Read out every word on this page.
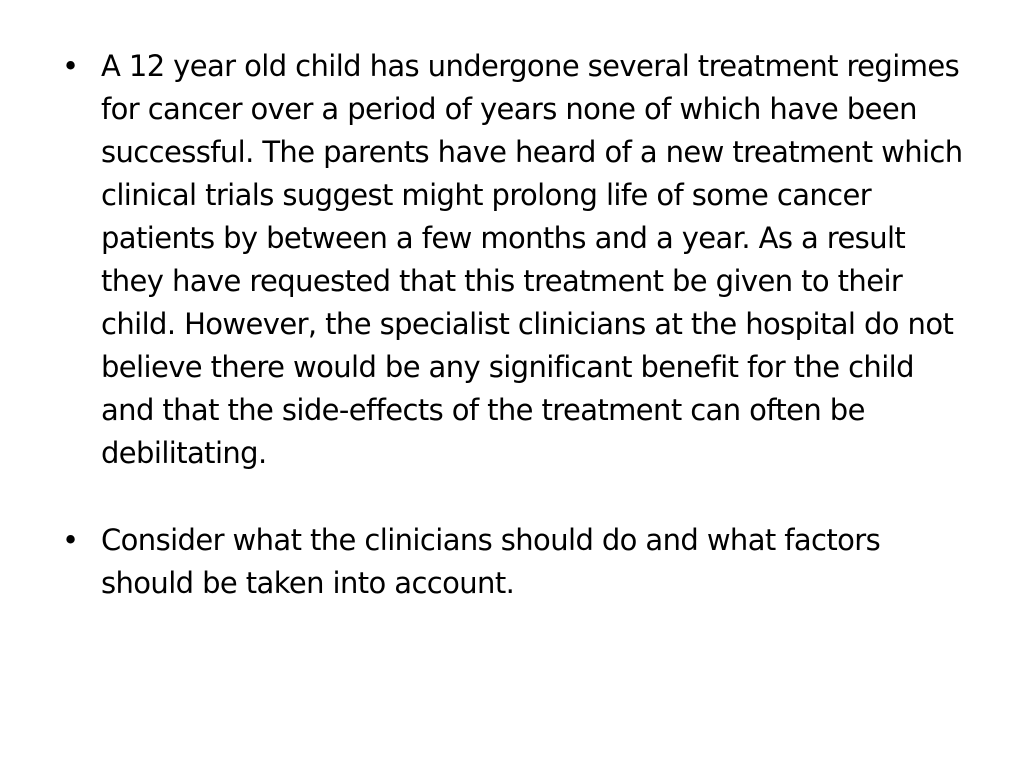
• A 12 year old child has undergone several treatment regimes for cancer over a period of years none of which have been successful. The parents have heard of a new treatment which clinical trials suggest might prolong life of some cancer patients by between a few months and a year. As a result they have requested that this treatment be given to their child. However, the specialist clinicians at the hospital do not believe there would be any significant benefit for the child and that the side-effects of the treatment can often be debilitating.
• Consider what the clinicians should do and what factors should be taken into account.
